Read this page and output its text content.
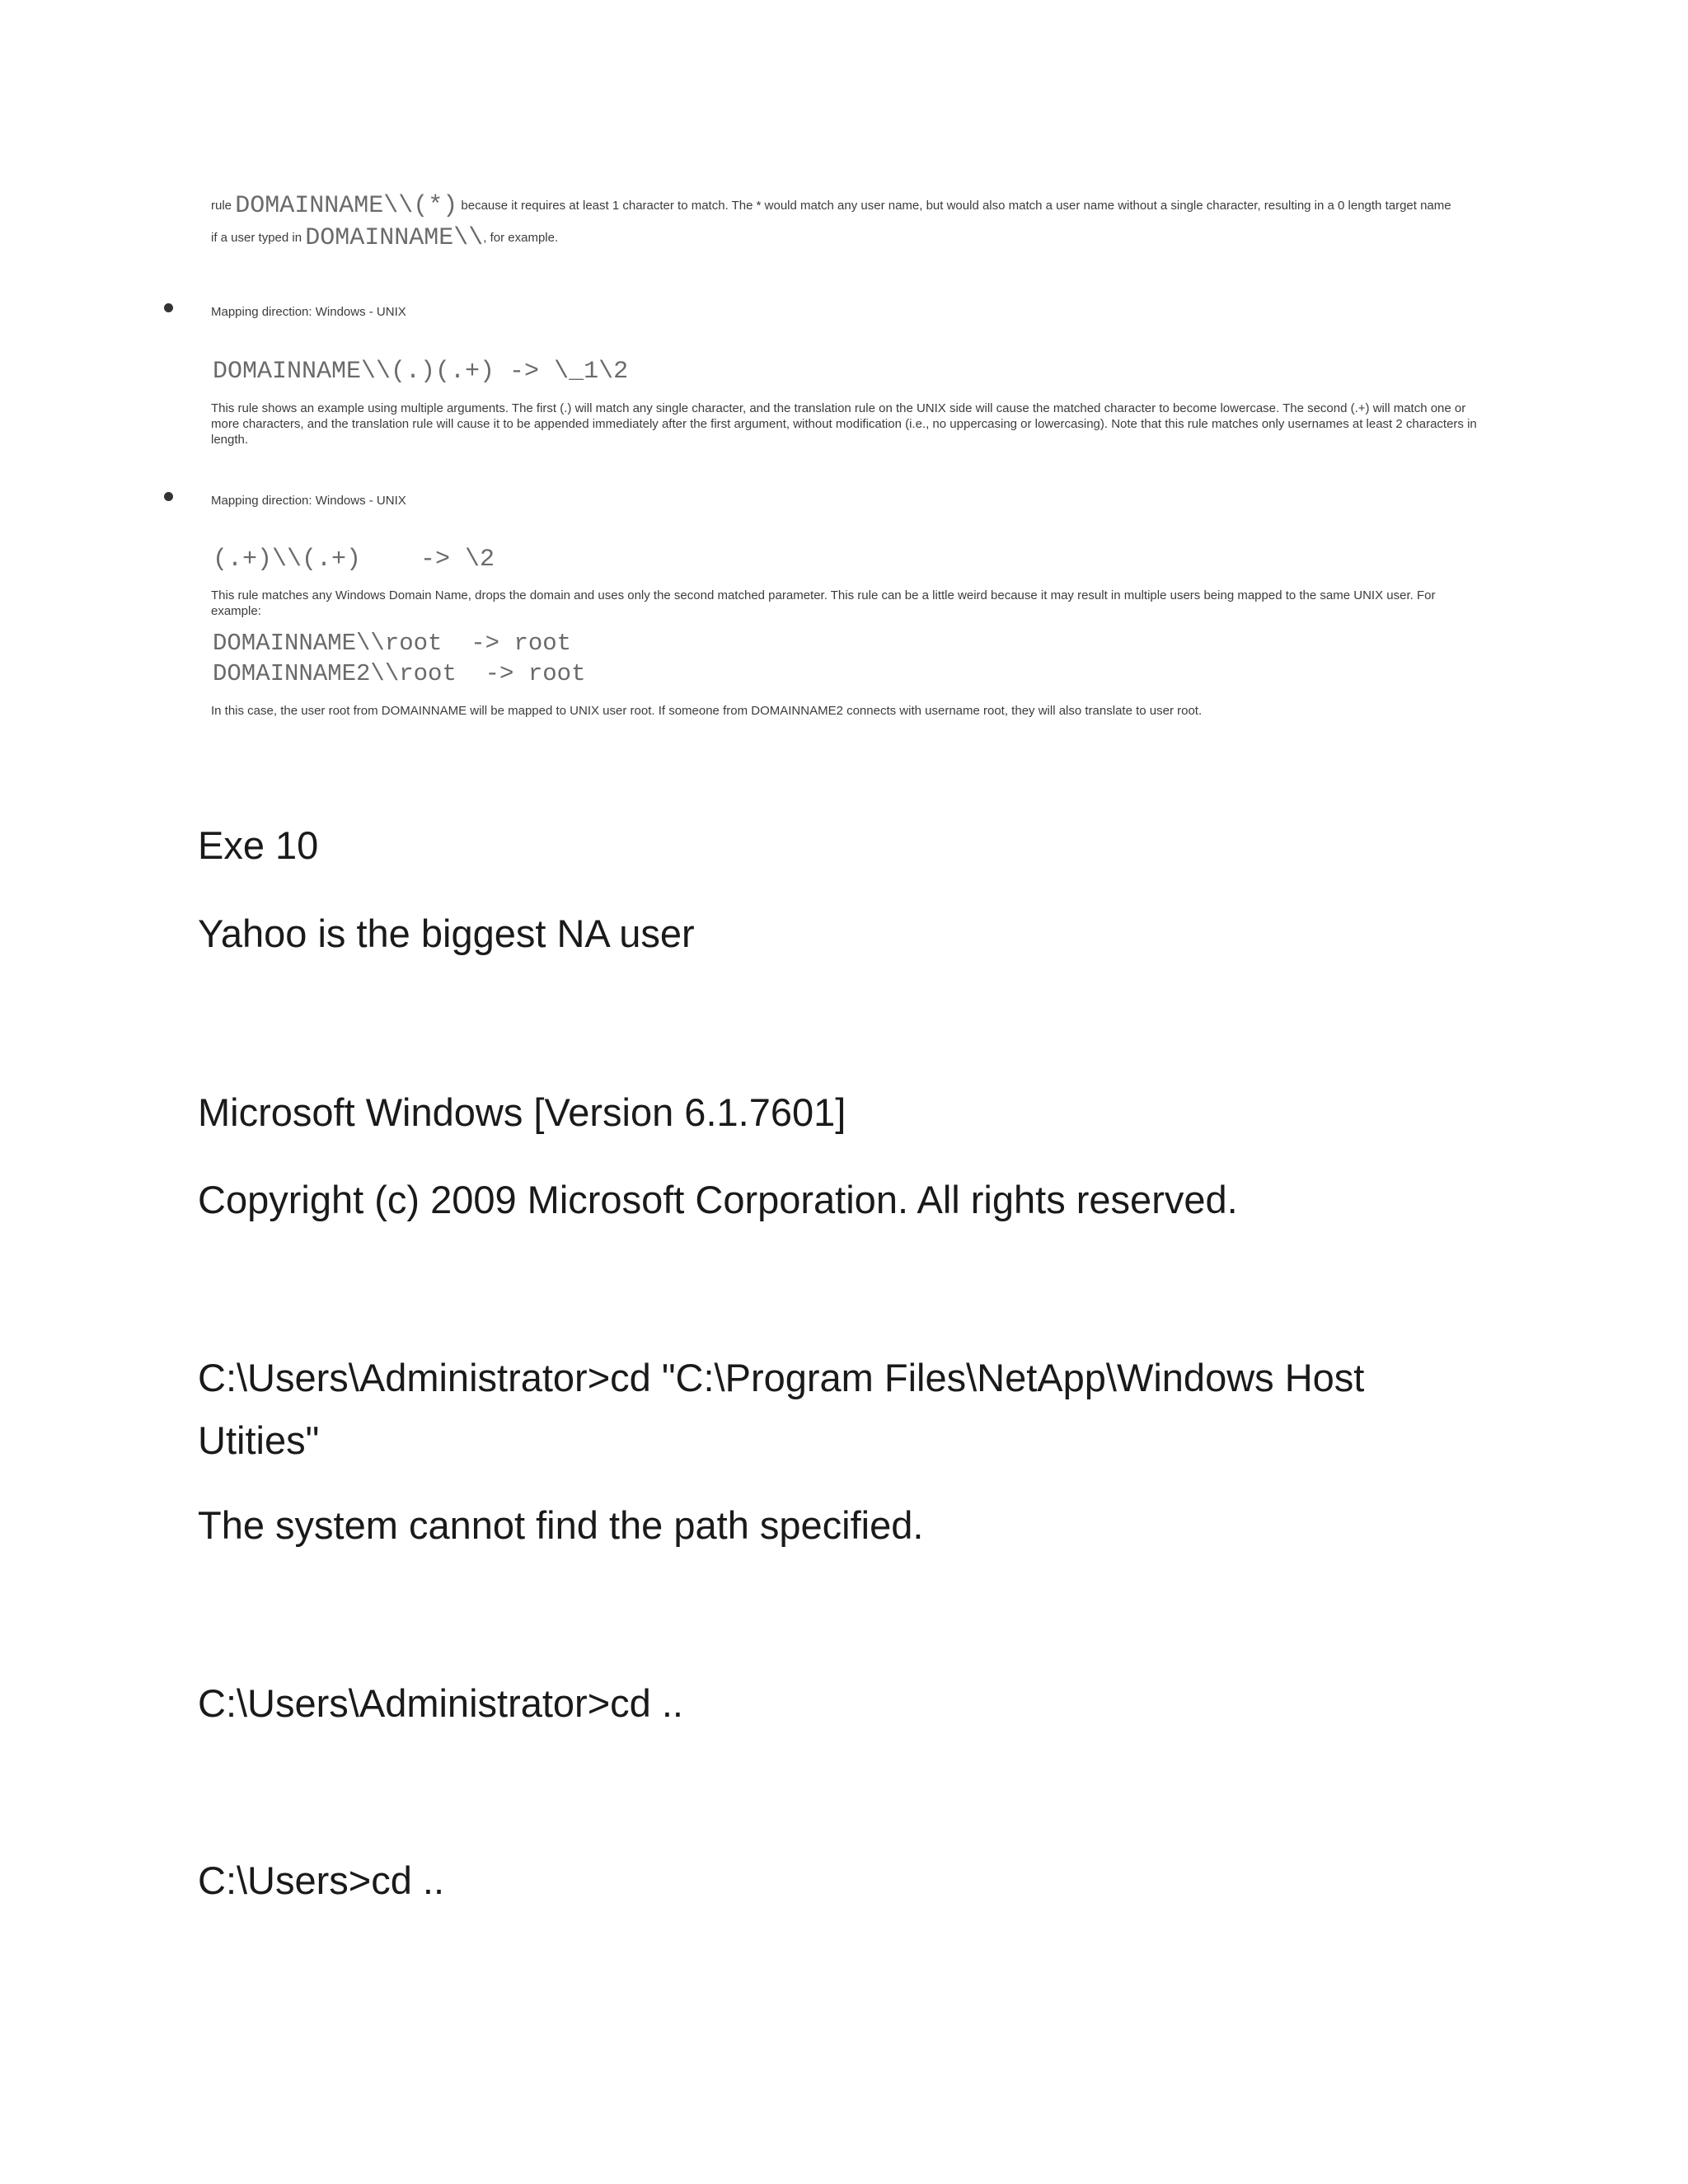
rule DOMAINNAME\\(*) because it requires at least 1 character to match. The * would match any user name, but would also match a user name without a single character, resulting in a 0 length target name
if a user typed in DOMAINNAME\\, for example.
Mapping direction: Windows - UNIX
DOMAINNAME\\(.)(.+) -> \_1\2
This rule shows an example using multiple arguments. The first (.) will match any single character, and the translation rule on the UNIX side will cause the matched character to become lowercase. The second (.+) will match one or more characters, and the translation rule will cause it to be appended immediately after the first argument, without modification (i.e., no uppercasing or lowercasing). Note that this rule matches only usernames at least 2 characters in length.
Mapping direction: Windows - UNIX
(.+)\\(.+)    -> \2
This rule matches any Windows Domain Name, drops the domain and uses only the second matched parameter. This rule can be a little weird because it may result in multiple users being mapped to the same UNIX user. For example:
DOMAINNAME\\root  -> root
DOMAINNAME2\\root  -> root
In this case, the user root from DOMAINNAME will be mapped to UNIX user root. If someone from DOMAINNAME2 connects with username root, they will also translate to user root.
Exe 10
Yahoo is the biggest NA user
Microsoft Windows [Version 6.1.7601]
Copyright (c) 2009 Microsoft Corporation. All rights reserved.
C:\Users\Administrator>cd "C:\Program Files\NetApp\Windows Host Utities"
The system cannot find the path specified.
C:\Users\Administrator>cd ..
C:\Users>cd ..
